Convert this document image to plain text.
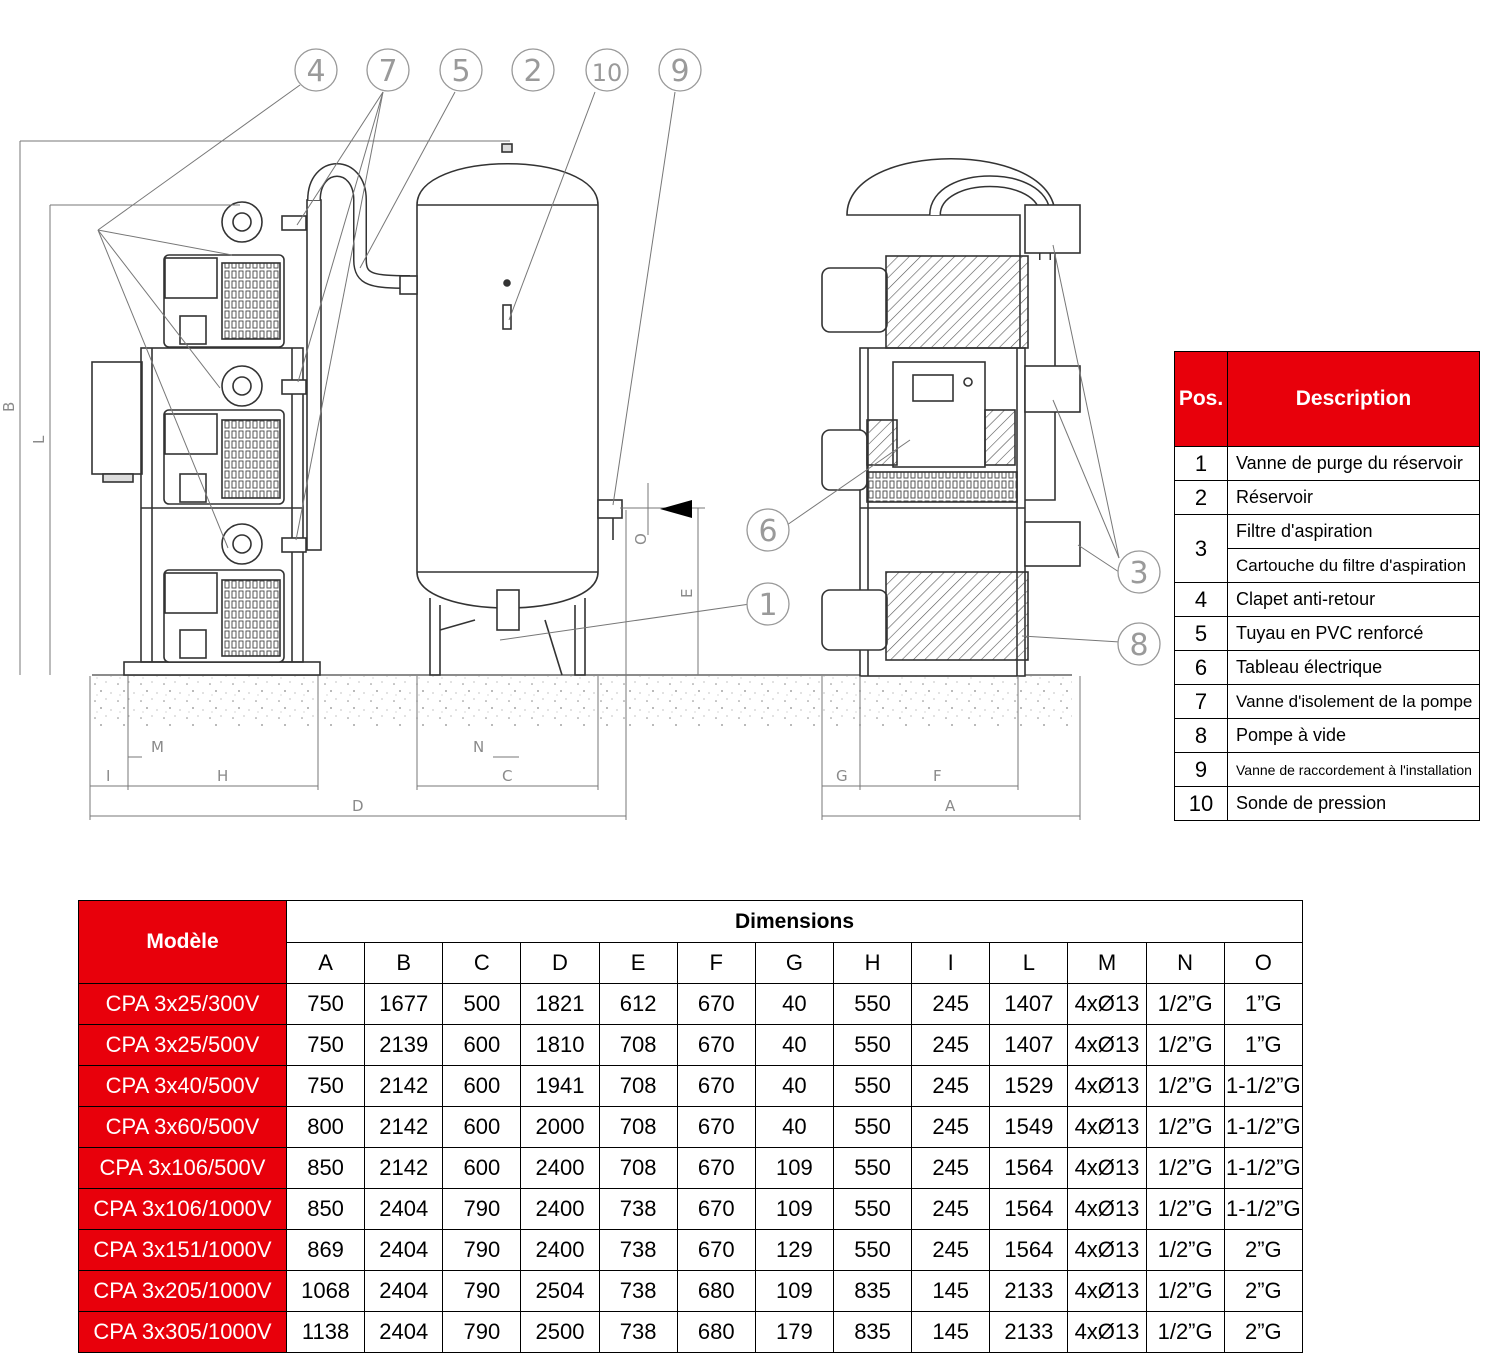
B
L
E
O
M
I	H
N
C
D
G	F
A
4 7 5 2 10 9
6
1
3
8
Pos.	Description
1	Vanne de purge du réservoir
2	Réservoir
3	Filtre d'aspiration
	Cartouche du filtre d'aspiration
4	Clapet anti-retour
5	Tuyau en PVC renforcé
6	Tableau électrique
7	Vanne d'isolement de la pompe
8	Pompe à vide
9	Vanne de raccordement à l'installation
10	Sonde de pression
Modèle	Dimensions												
	A	B	C	D	E	F	G	H	I	L	M	N	O
CPA 3x25/300V	750	1677	500	1821	612	670	40	550	245	1407	4xØ13	1/2”G	1”G
CPA 3x25/500V	750	2139	600	1810	708	670	40	550	245	1407	4xØ13	1/2”G	1”G
CPA 3x40/500V	750	2142	600	1941	708	670	40	550	245	1529	4xØ13	1/2”G	1-1/2”G
CPA 3x60/500V	800	2142	600	2000	708	670	40	550	245	1549	4xØ13	1/2”G	1-1/2”G
CPA 3x106/500V	850	2142	600	2400	708	670	109	550	245	1564	4xØ13	1/2”G	1-1/2”G
CPA 3x106/1000V	850	2404	790	2400	738	670	109	550	245	1564	4xØ13	1/2”G	1-1/2”G
CPA 3x151/1000V	869	2404	790	2400	738	670	129	550	245	1564	4xØ13	1/2”G	2”G
CPA 3x205/1000V	1068	2404	790	2504	738	680	109	835	145	2133	4xØ13	1/2”G	2”G
CPA 3x305/1000V	1138	2404	790	2500	738	680	179	835	145	2133	4xØ13	1/2”G	2”G
